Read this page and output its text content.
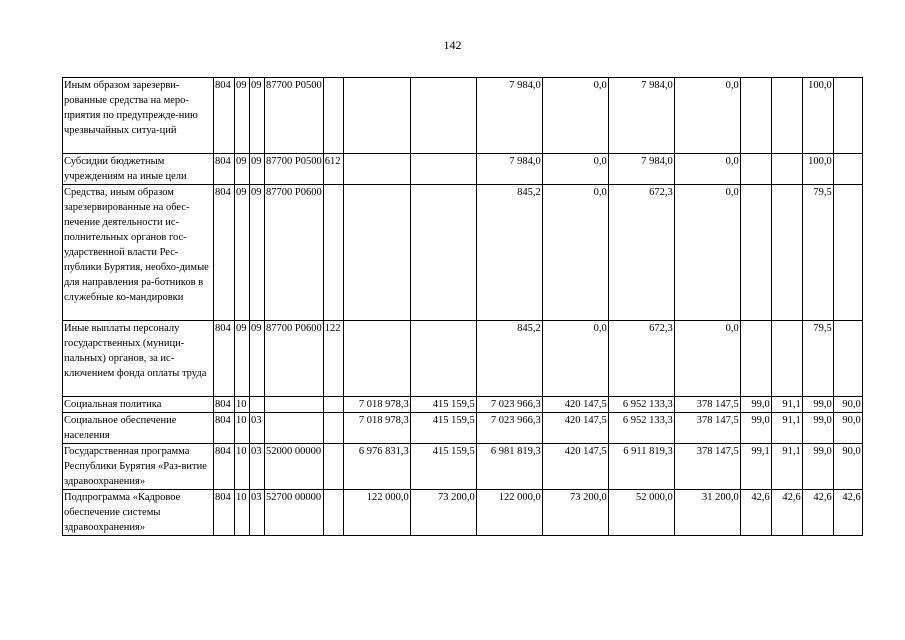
142
Иным образом зарезерви-рованные средства на меро-приятия по предупрежде-нию чрезвычайных ситуа-ций	804	09	09	87700 P0500				7 984,0	0,0	7 984,0	0,0			100,0	
Субсидии бюджетным учреждениям на иные цели	804	09	09	87700 P0500	612			7 984,0	0,0	7 984,0	0,0			100,0	
Средства, иным образом зарезервированные на обес-печение деятельности ис-полнительных органов гос-ударственной власти Рес-публики Бурятия, необхо-димые для направления ра-ботников в служебные ко-мандировки	804	09	09	87700 P0600				845,2	0,0	672,3	0,0			79,5	
Иные выплаты персоналу государственных (муници-пальных) органов, за ис-ключением фонда оплаты труда	804	09	09	87700 P0600	122			845,2	0,0	672,3	0,0			79,5	
Социальная политика	804	10				7 018 978,3	415 159,5	7 023 966,3	420 147,5	6 952 133,3	378 147,5	99,0	91,1	99,0	90,0
Социальное обеспечение населения	804	10	03			7 018 978,3	415 159,5	7 023 966,3	420 147,5	6 952 133,3	378 147,5	99,0	91,1	99,0	90,0
Государственная программа Республики Бурятия «Раз-витие здравоохранения»	804	10	03	52000 00000		6 976 831,3	415 159,5	6 981 819,3	420 147,5	6 911 819,3	378 147,5	99,1	91,1	99,0	90,0
Подпрограмма «Кадровое обеспечение системы здравоохранения»	804	10	03	52700 00000		122 000,0	73 200,0	122 000,0	73 200,0	52 000,0	31 200,0	42,6	42,6	42,6	42,6
